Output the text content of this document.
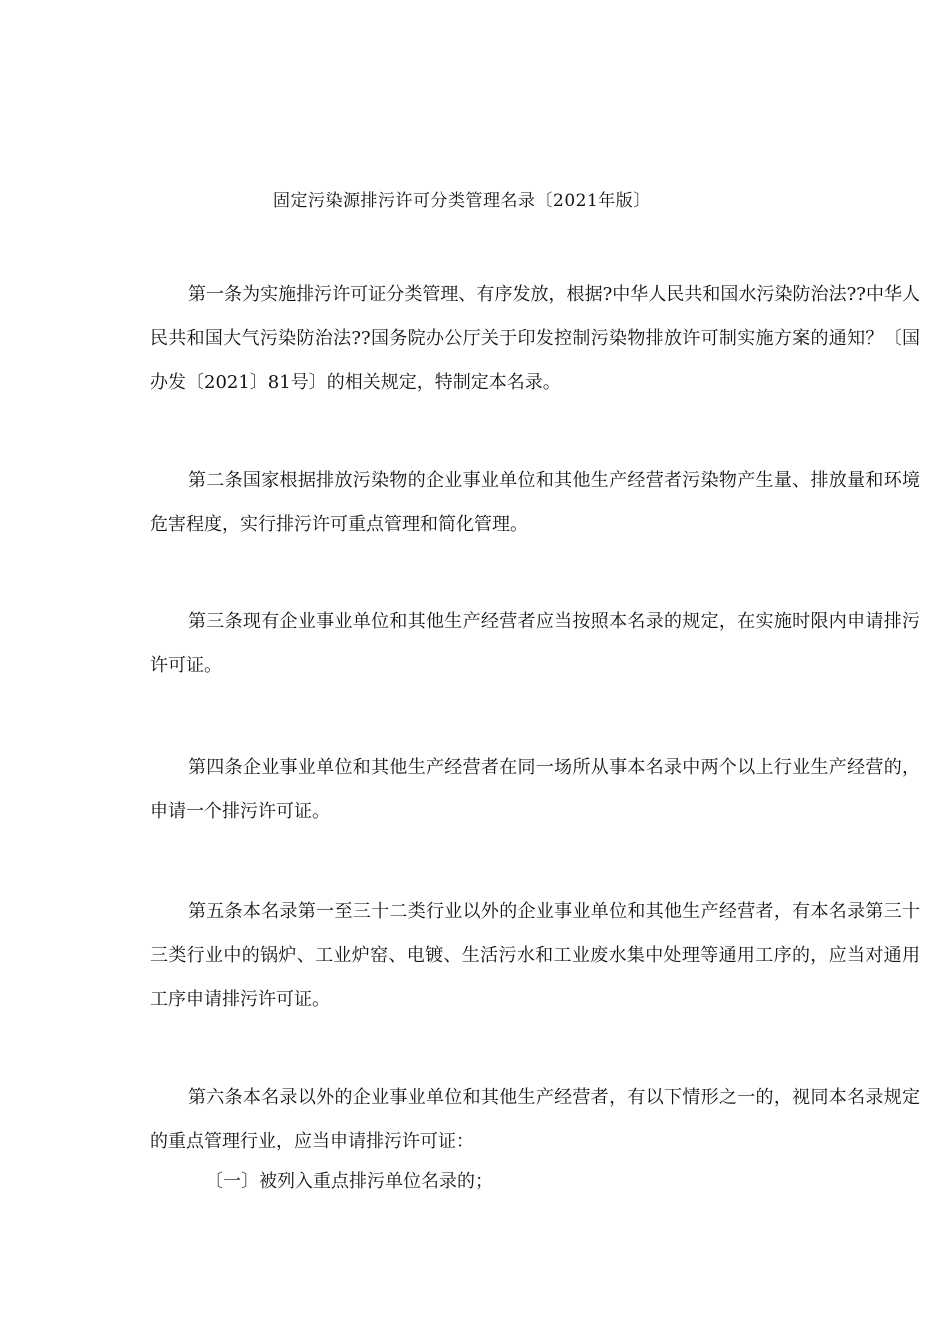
固定污染源排污许可分类管理名录〔2021年版〕

第一条为实施排污许可证分类管理、有序发放，根据?中华人民共和国水污染防治法??中华人民共和国大气污染防治法??国务院办公厅关于印发控制污染物排放许可制实施方案的通知？〔国办发〔2021〕81号〕的相关规定，特制定本名录。

第二条国家根据排放污染物的企业事业单位和其他生产经营者污染物产生量、排放量和环境危害程度，实行排污许可重点管理和简化管理。

第三条现有企业事业单位和其他生产经营者应当按照本名录的规定，在实施时限内申请排污许可证。

第四条企业事业单位和其他生产经营者在同一场所从事本名录中两个以上行业生产经营的，申请一个排污许可证。

第五条本名录第一至三十二类行业以外的企业事业单位和其他生产经营者，有本名录第三十三类行业中的锅炉、工业炉窑、电镀、生活污水和工业废水集中处理等通用工序的，应当对通用工序申请排污许可证。

第六条本名录以外的企业事业单位和其他生产经营者，有以下情形之一的，视同本名录规定的重点管理行业，应当申请排污许可证：

〔一〕被列入重点排污单位名录的；
